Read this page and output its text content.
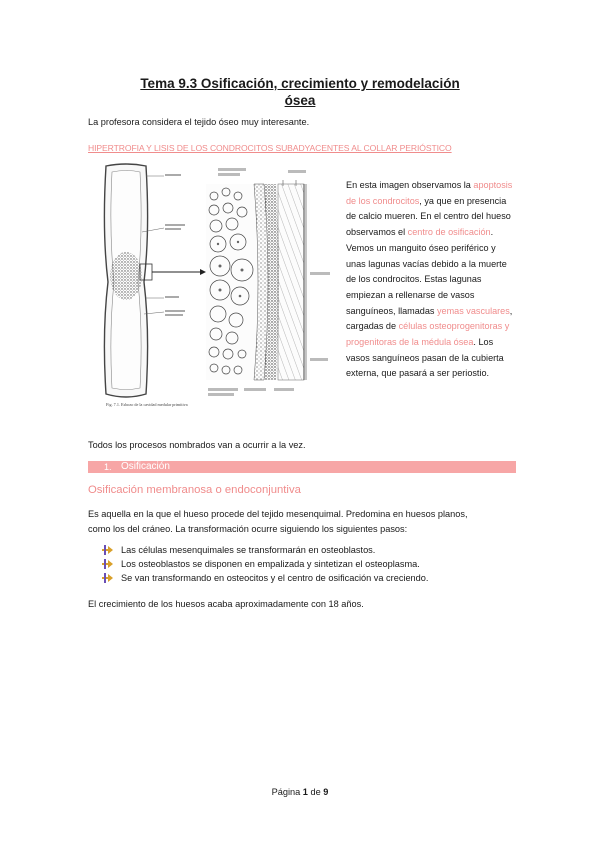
Tema 9.3 Osificación, crecimiento y remodelación
ósea
La profesora considera el tejido óseo muy interesante.
HIPERTROFIA Y LISIS DE LOS CONDROCITOS SUBADYACENTES AL COLLAR PERIÓSTICO
Fig. 7.1. Esbozo de la cavidad medular primitiva
En esta imagen observamos la apoptosis de los condrocitos, ya que en presencia de calcio mueren. En el centro del hueso observamos el centro de osificación. Vemos un manguito óseo periférico y unas lagunas vacías debido a la muerte de los condrocitos. Estas lagunas empiezan a rellenarse de vasos sanguíneos, llamadas yemas vasculares, cargadas de células osteoprogenitoras y progenitoras de la médula ósea. Los vasos sanguíneos pasan de la cubierta externa, que pasará a ser periostio.
Todos los procesos nombrados van a ocurrir a la vez.
1. Osificación
Osificación membranosa o endoconjuntiva
Es aquella en la que el hueso procede del tejido mesenquimal. Predomina en huesos planos,
como los del cráneo. La transformación ocurre siguiendo los siguientes pasos:
Las células mesenquimales se transformarán en osteoblastos.
Los osteoblastos se disponen en empalizada y sintetizan el osteoplasma.
Se van transformando en osteocitos y el centro de osificación va creciendo.
El crecimiento de los huesos acaba aproximadamente con 18 años.
Página 1 de 9
